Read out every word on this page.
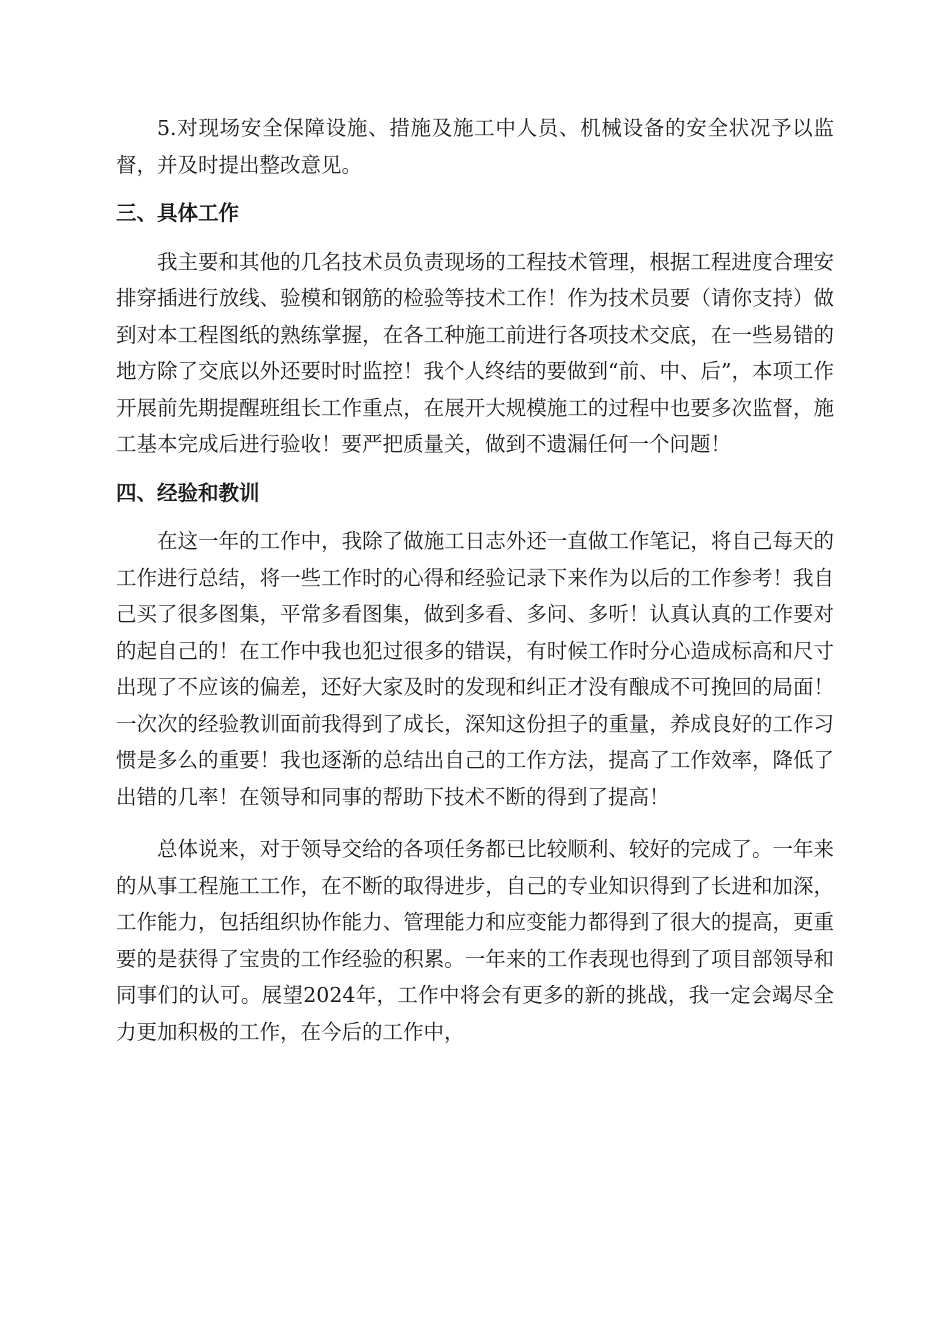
5.对现场安全保障设施、措施及施工中人员、机械设备的安全状况予以监督，并及时提出整改意见。

三、具体工作

我主要和其他的几名技术员负责现场的工程技术管理，根据工程进度合理安排穿插进行放线、验模和钢筋的检验等技术工作！作为技术员要（请你支持）做到对本工程图纸的熟练掌握，在各工种施工前进行各项技术交底，在一些易错的地方除了交底以外还要时时监控！我个人终结的要做到“前、中、后”，本项工作开展前先期提醒班组长工作重点，在展开大规模施工的过程中也要多次监督，施工基本完成后进行验收！要严把质量关，做到不遗漏任何一个问题！

四、经验和教训

在这一年的工作中，我除了做施工日志外还一直做工作笔记，将自己每天的工作进行总结，将一些工作时的心得和经验记录下来作为以后的工作参考！我自己买了很多图集，平常多看图集，做到多看、多问、多听！认真认真的工作要对的起自己的！在工作中我也犯过很多的错误，有时候工作时分心造成标高和尺寸出现了不应该的偏差，还好大家及时的发现和纠正才没有酿成不可挽回的局面！一次次的经验教训面前我得到了成长，深知这份担子的重量，养成良好的工作习惯是多么的重要！我也逐渐的总结出自己的工作方法，提高了工作效率，降低了出错的几率！在领导和同事的帮助下技术不断的得到了提高！

总体说来，对于领导交给的各项任务都已比较顺利、较好的完成了。一年来的从事工程施工工作，在不断的取得进步，自己的专业知识得到了长进和加深，工作能力，包括组织协作能力、管理能力和应变能力都得到了很大的提高，更重要的是获得了宝贵的工作经验的积累。一年来的工作表现也得到了项目部领导和同事们的认可。展望2024年，工作中将会有更多的新的挑战，我一定会竭尽全力更加积极的工作，在今后的工作中，
